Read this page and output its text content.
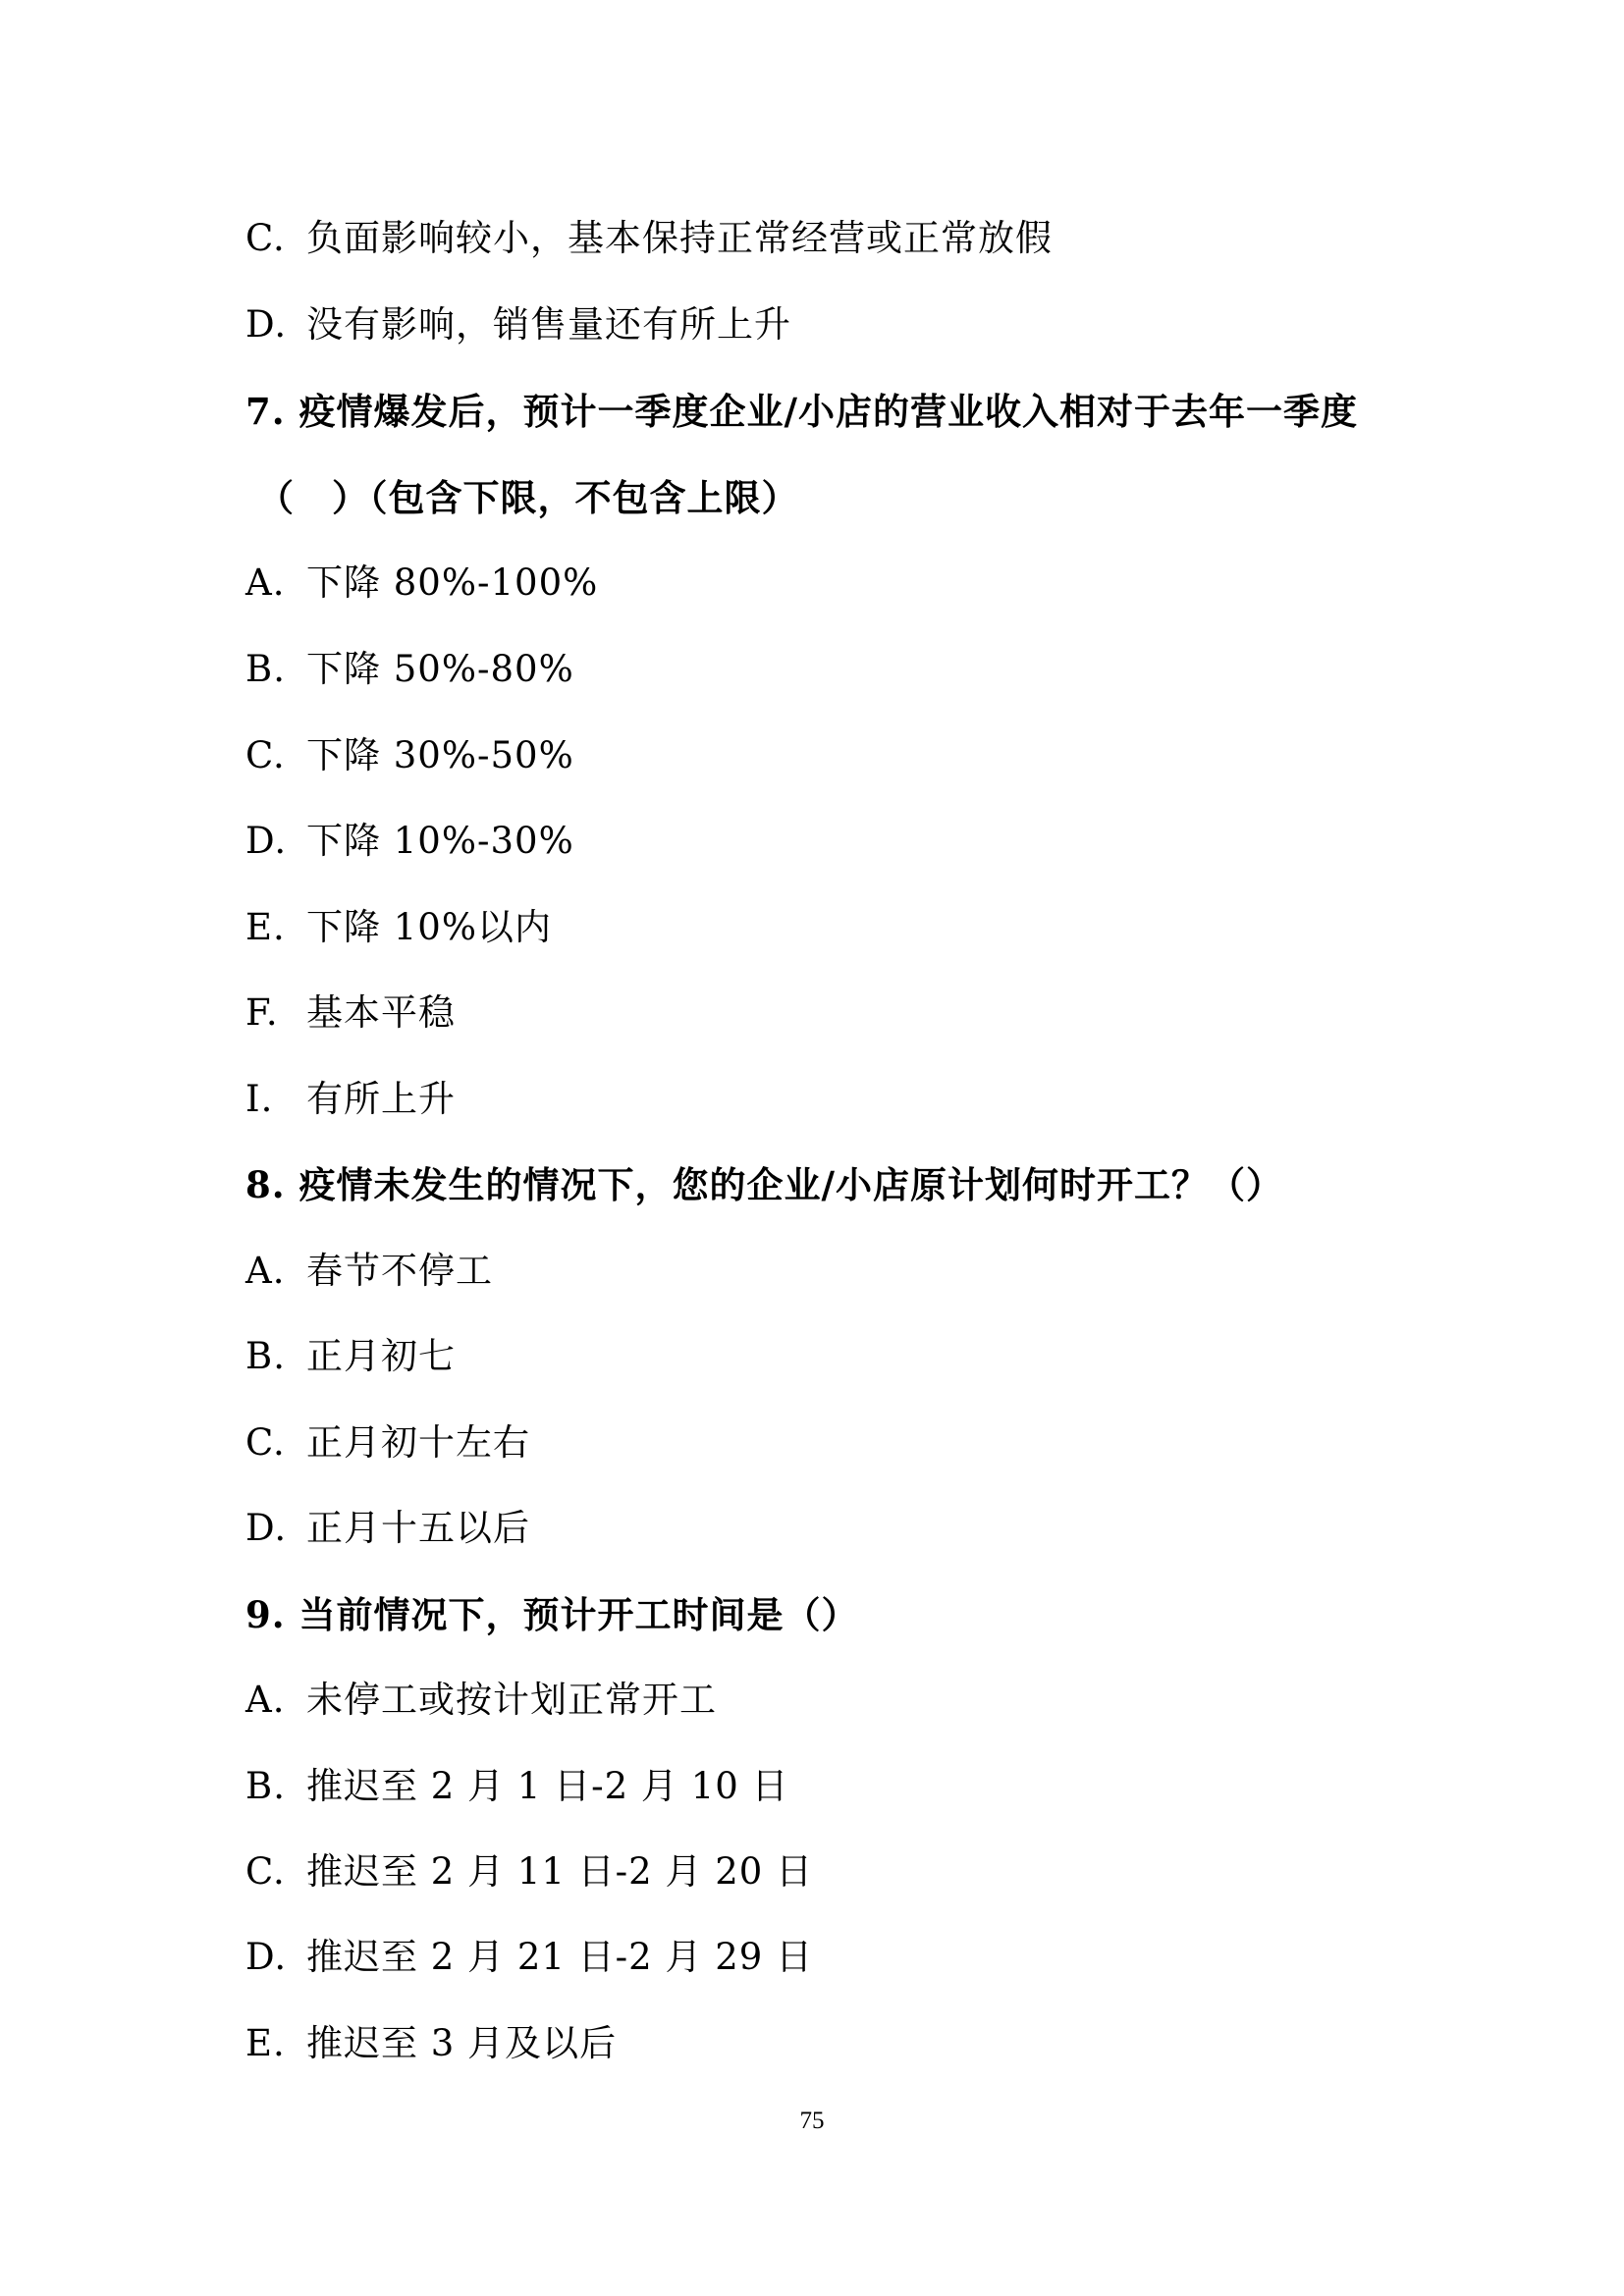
C. 负面影响较小，基本保持正常经营或正常放假
D. 没有影响，销售量还有所上升
7. 疫情爆发后，预计一季度企业/小店的营业收入相对于去年一季度
（　）（包含下限，不包含上限）
A. 下降 80%-100%
B. 下降 50%-80%
C. 下降 30%-50%
D. 下降 10%-30%
E. 下降 10%以内
F. 基本平稳
I. 有所上升
8. 疫情未发生的情况下，您的企业/小店原计划何时开工？（）
A. 春节不停工
B. 正月初七
C. 正月初十左右
D. 正月十五以后
9. 当前情况下，预计开工时间是（）
A. 未停工或按计划正常开工
B. 推迟至 2 月 1 日-2 月 10 日
C. 推迟至 2 月 11 日-2 月 20 日
D. 推迟至 2 月 21 日-2 月 29 日
E. 推迟至 3 月及以后
75
